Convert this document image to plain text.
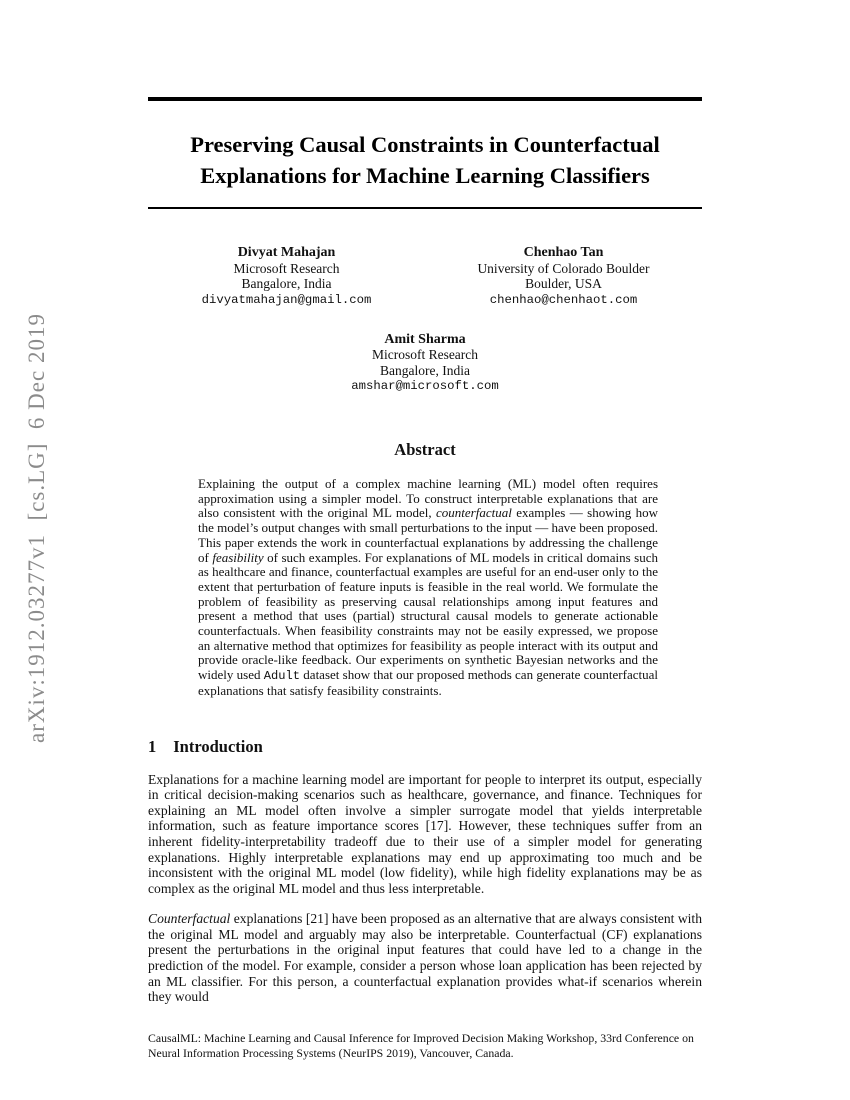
arXiv:1912.03277v1  [cs.LG]  6 Dec 2019
Preserving Causal Constraints in Counterfactual
Explanations for Machine Learning Classifiers
Divyat Mahajan
Microsoft Research
Bangalore, India
divyatmahajan@gmail.com
Chenhao Tan
University of Colorado Boulder
Boulder, USA
chenhao@chenhaot.com
Amit Sharma
Microsoft Research
Bangalore, India
amshar@microsoft.com
Abstract
Explaining the output of a complex machine learning (ML) model often requires approximation using a simpler model. To construct interpretable explanations that are also consistent with the original ML model, counterfactual examples — showing how the model’s output changes with small perturbations to the input — have been proposed. This paper extends the work in counterfactual explanations by addressing the challenge of feasibility of such examples. For explanations of ML models in critical domains such as healthcare and finance, counterfactual examples are useful for an end-user only to the extent that perturbation of feature inputs is feasible in the real world. We formulate the problem of feasibility as preserving causal relationships among input features and present a method that uses (partial) structural causal models to generate actionable counterfactuals. When feasibility constraints may not be easily expressed, we propose an alternative method that optimizes for feasibility as people interact with its output and provide oracle-like feedback. Our experiments on synthetic Bayesian networks and the widely used Adult dataset show that our proposed methods can generate counterfactual explanations that satisfy feasibility constraints.
1 Introduction

Explanations for a machine learning model are important for people to interpret its output, especially in critical decision-making scenarios such as healthcare, governance, and finance. Techniques for explaining an ML model often involve a simpler surrogate model that yields interpretable information, such as feature importance scores [17]. However, these techniques suffer from an inherent fidelity-interpretability tradeoff due to their use of a simpler model for generating explanations. Highly interpretable explanations may end up approximating too much and be inconsistent with the original ML model (low fidelity), while high fidelity explanations may be as complex as the original ML model and thus less interpretable.

Counterfactual explanations [21] have been proposed as an alternative that are always consistent with the original ML model and arguably may also be interpretable. Counterfactual (CF) explanations present the perturbations in the original input features that could have led to a change in the prediction of the model. For example, consider a person whose loan application has been rejected by an ML classifier. For this person, a counterfactual explanation provides what-if scenarios wherein they would

CausalML: Machine Learning and Causal Inference for Improved Decision Making Workshop, 33rd Conference on Neural Information Processing Systems (NeurIPS 2019), Vancouver, Canada.
